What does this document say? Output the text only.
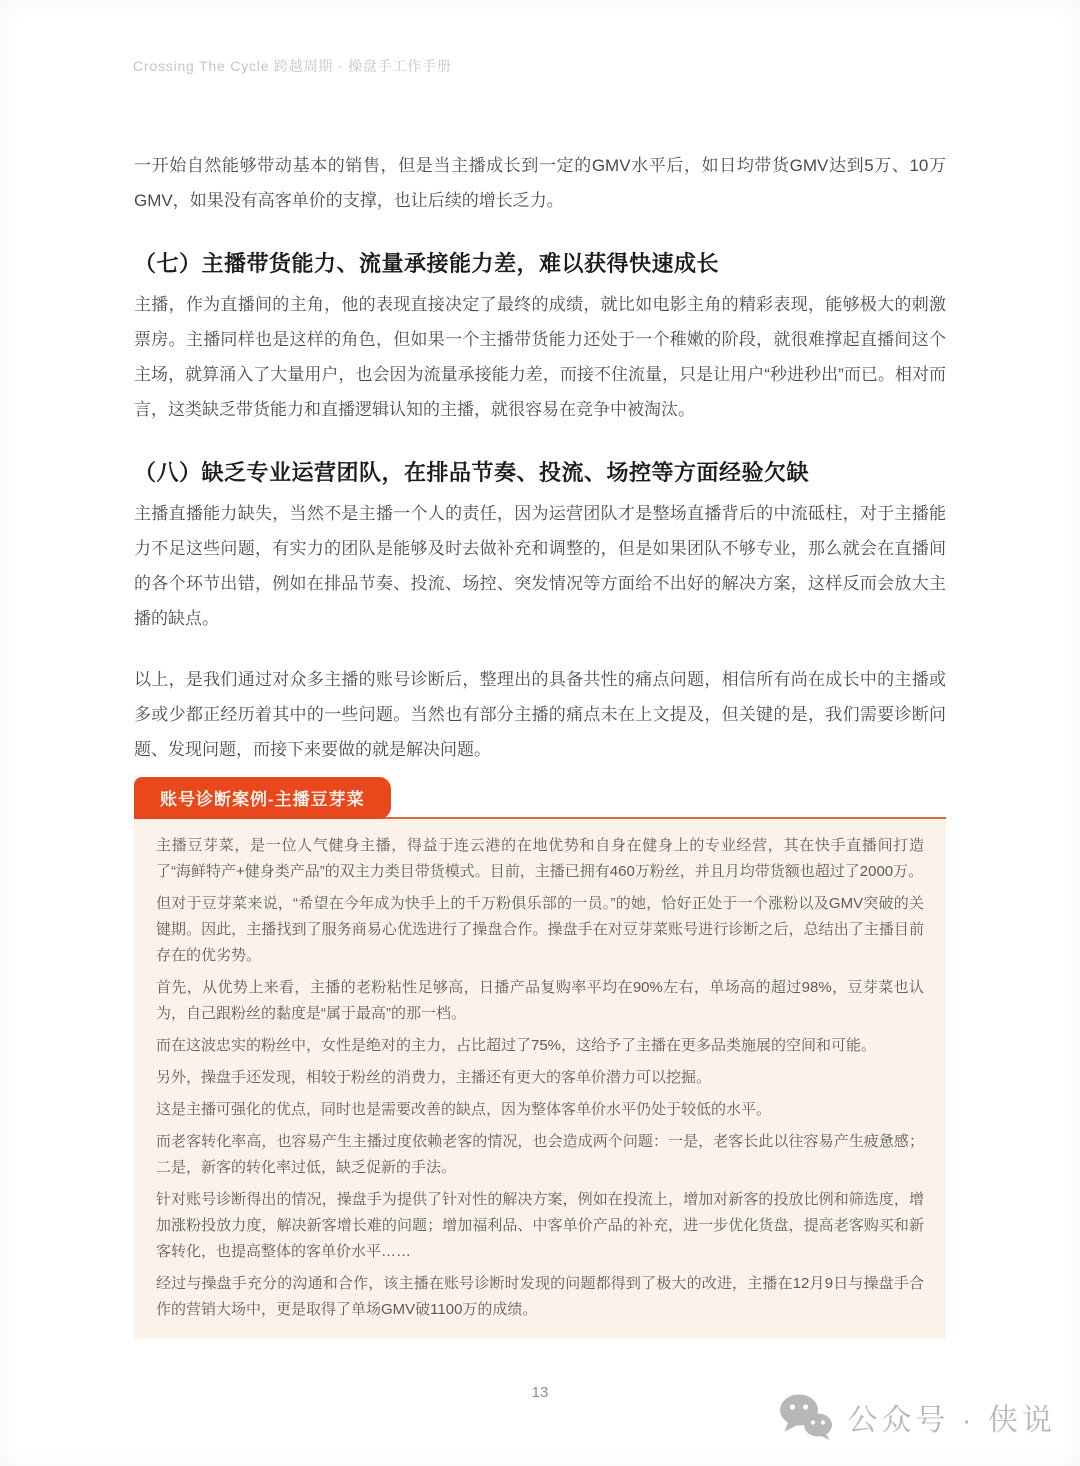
Crossing The Cycle 跨越周期 · 操盘手工作手册

一开始自然能够带动基本的销售，但是当主播成长到一定的GMV水平后，如日均带货GMV达到5万、10万GMV，如果没有高客单价的支撑，也让后续的增长乏力。

（七）主播带货能力、流量承接能力差，难以获得快速成长

主播，作为直播间的主角，他的表现直接决定了最终的成绩，就比如电影主角的精彩表现，能够极大的刺激票房。主播同样也是这样的角色，但如果一个主播带货能力还处于一个稚嫩的阶段，就很难撑起直播间这个主场，就算涌入了大量用户，也会因为流量承接能力差，而接不住流量，只是让用户“秒进秒出”而已。相对而言，这类缺乏带货能力和直播逻辑认知的主播，就很容易在竞争中被淘汰。

（八）缺乏专业运营团队，在排品节奏、投流、场控等方面经验欠缺

主播直播能力缺失，当然不是主播一个人的责任，因为运营团队才是整场直播背后的中流砥柱，对于主播能力不足这些问题，有实力的团队是能够及时去做补充和调整的，但是如果团队不够专业，那么就会在直播间的各个环节出错，例如在排品节奏、投流、场控、突发情况等方面给不出好的解决方案，这样反而会放大主播的缺点。

以上，是我们通过对众多主播的账号诊断后，整理出的具备共性的痛点问题，相信所有尚在成长中的主播或多或少都正经历着其中的一些问题。当然也有部分主播的痛点未在上文提及，但关键的是，我们需要诊断问题、发现问题，而接下来要做的就是解决问题。

账号诊断案例-主播豆芽菜

主播豆芽菜，是一位人气健身主播，得益于连云港的在地优势和自身在健身上的专业经营，其在快手直播间打造了“海鲜特产+健身类产品”的双主力类目带货模式。目前，主播已拥有460万粉丝，并且月均带货额也超过了2000万。

但对于豆芽菜来说，“希望在今年成为快手上的千万粉俱乐部的一员。”的她，恰好正处于一个涨粉以及GMV突破的关键期。因此，主播找到了服务商易心优选进行了操盘合作。操盘手在对豆芽菜账号进行诊断之后，总结出了主播目前存在的优劣势。

首先，从优势上来看，主播的老粉粘性足够高，日播产品复购率平均在90%左右，单场高的超过98%，豆芽菜也认为，自己跟粉丝的黏度是“属于最高”的那一档。

而在这波忠实的粉丝中，女性是绝对的主力，占比超过了75%，这给予了主播在更多品类施展的空间和可能。

另外，操盘手还发现，相较于粉丝的消费力，主播还有更大的客单价潜力可以挖掘。

这是主播可强化的优点，同时也是需要改善的缺点，因为整体客单价水平仍处于较低的水平。

而老客转化率高，也容易产生主播过度依赖老客的情况，也会造成两个问题：一是，老客长此以往容易产生疲惫感；二是，新客的转化率过低，缺乏促新的手法。

针对账号诊断得出的情况，操盘手为提供了针对性的解决方案，例如在投流上，增加对新客的投放比例和筛选度，增加涨粉投放力度，解决新客增长难的问题；增加福利品、中客单价产品的补充，进一步优化货盘，提高老客购买和新客转化，也提高整体的客单价水平……

经过与操盘手充分的沟通和合作，该主播在账号诊断时发现的问题都得到了极大的改进，主播在12月9日与操盘手合作的营销大场中，更是取得了单场GMV破1100万的成绩。

13
公众号 · 侠说
